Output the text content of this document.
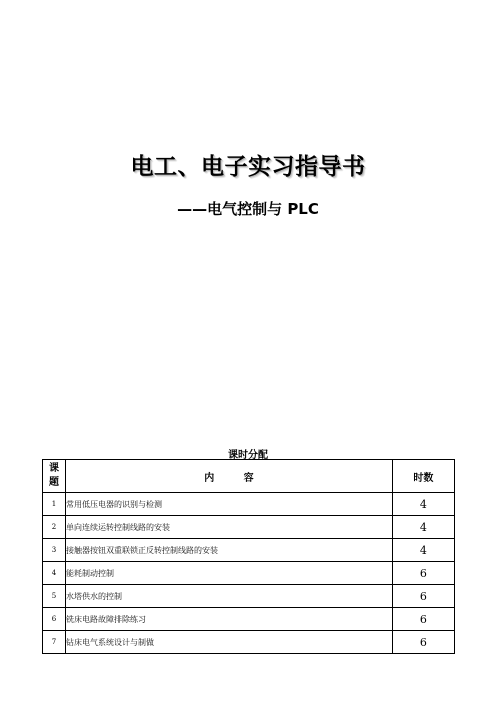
电工、电子实习指导书
——电气控制与 PLC
课时分配
课
题	内 容	时数
1	常用低压电器的识别与检测	4
2	单向连续运转控制线路的安装	4
3	接触器按钮双重联锁正反转控制线路的安装	4
4	能耗制动控制	6
5	水塔供水的控制	6
6	铣床电路故障排除练习	6
7	钻床电气系统设计与制做	6
